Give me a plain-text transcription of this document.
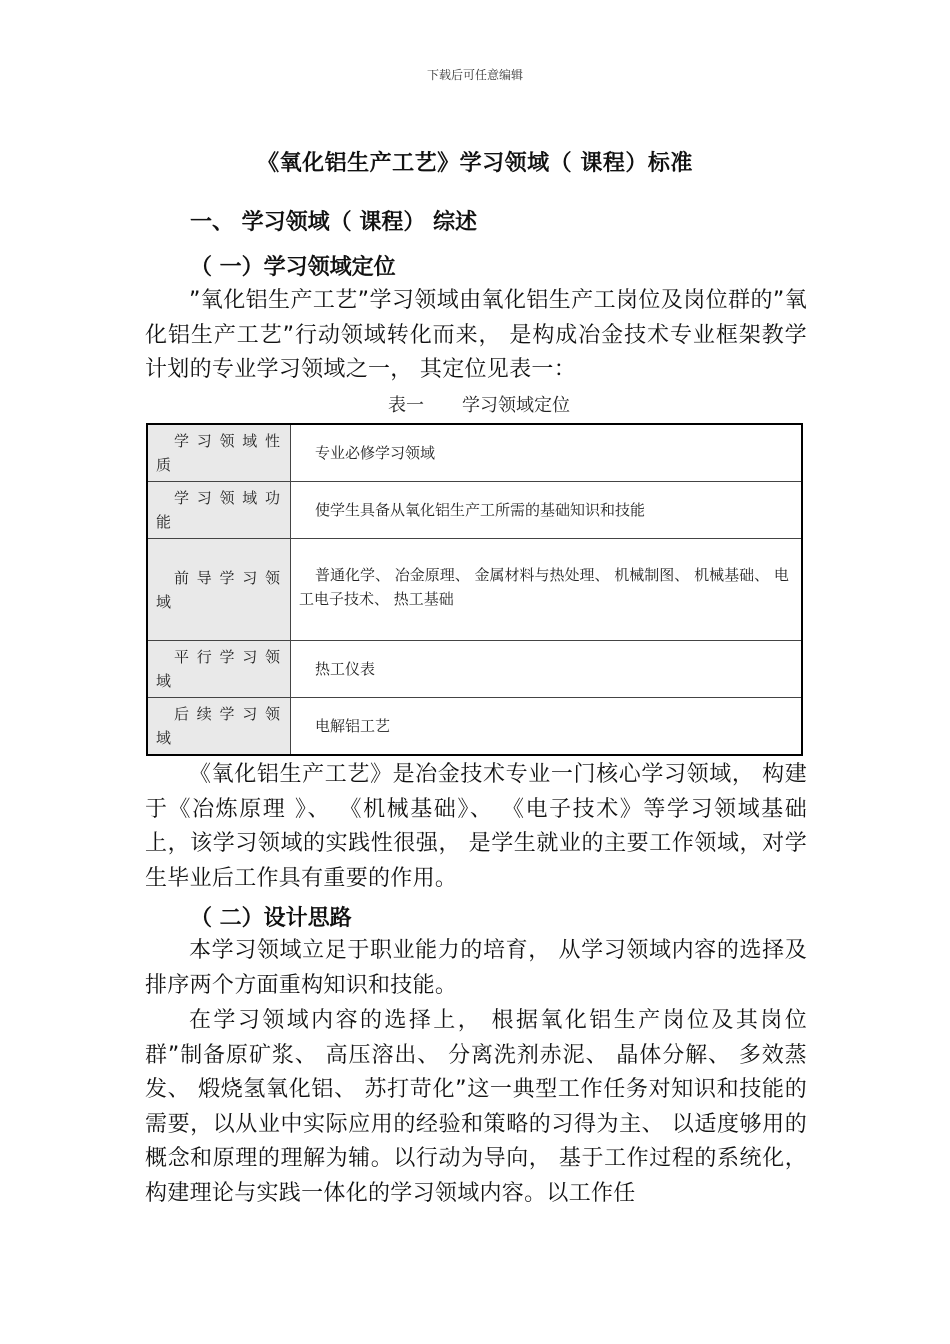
下载后可任意编辑
《氧化铝生产工艺》学习领域（ 课程）标准
一、 学习领域（ 课程） 综述
（ 一）学习领域定位

”氧化铝生产工艺”学习领域由氧化铝生产工岗位及岗位群的”氧化铝生产工艺”行动领域转化而来， 是构成冶金技术专业框架教学计划的专业学习领域之一， 其定位见表一：

表一 学习领域定位
学习领域性质	专业必修学习领域
学习领域功能	使学生具备从氧化铝生产工所需的基础知识和技能
前导学习领域	普通化学、 冶金原理、 金属材料与热处理、 机械制图、 机械基础、 电工电子技术、 热工基础
平行学习领域	热工仪表
后续学习领域	电解铝工艺

《氧化铝生产工艺》是冶金技术专业一门核心学习领域， 构建于《冶炼原理 》、 《机械基础》、 《电子技术》等学习领域基础上，该学习领域的实践性很强， 是学生就业的主要工作领域，对学生毕业后工作具有重要的作用。

（ 二）设计思路

本学习领域立足于职业能力的培育， 从学习领域内容的选择及排序两个方面重构知识和技能。

在学习领域内容的选择上， 根据氧化铝生产岗位及其岗位群”制备原矿浆、 高压溶出、 分离洗剂赤泥、 晶体分解、 多效蒸发、 煅烧氢氧化铝、 苏打苛化”这一典型工作任务对知识和技能的需要，以从业中实际应用的经验和策略的习得为主、 以适度够用的概念和原理的理解为辅。以行动为导向， 基于工作过程的系统化， 构建理论与实践一体化的学习领域内容。以工作任
